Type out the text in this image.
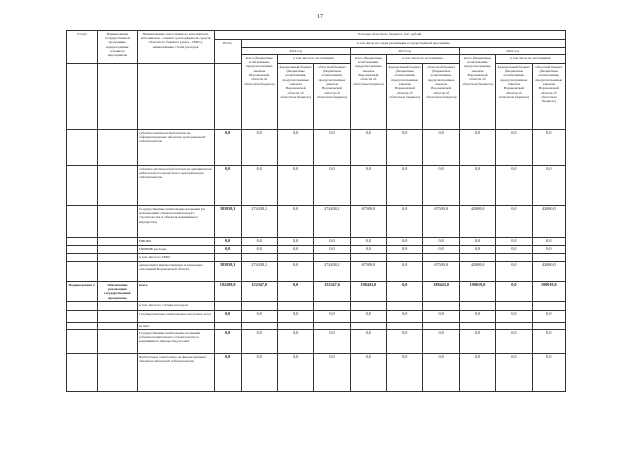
17
Статус	Наименование государственной программы, подпрограммы, основного мероприятия	Наименование ответственного исполнителя, исполнителя - главного распорядителя средств областного бюджета (далее - ГРБС), наименование статей расходов	Расходы областного бюджета, тыс. рублей									
			Всего	в том числе по годам реализации государственной программы								
				2014 год			2015 год			2016 год		
				всего (бюджетные ассигнования, предусмотренные законом Воронежской области об областном бюджете)	в том числе по источникам:		всего (бюджетные ассигнования, предусмотренные законом Воронежской области об областном бюджете)	в том числе по источникам:		всего (бюджетные ассигнования, предусмотренные законом Воронежской области об областном бюджете)	в том числе по источникам:	
					федеральный бюджет (бюджетные ассигнования, предусмотренные законом Воронежской области об областном бюджете)	областной бюджет (бюджетные ассигнования, предусмотренные законом Воронежской области об областном бюджете)		федеральный бюджет (бюджетные ассигнования, предусмотренные законом Воронежской области об областном бюджете)	областной бюджет (бюджетные ассигнования, предусмотренные законом Воронежской области об областном бюджете)		федеральный бюджет (бюджетные ассигнования, предусмотренные законом Воронежской области об областном бюджете)	областной бюджет (бюджетные ассигнования, предусмотренные законом Воронежской области об областном бюджете)
		субсидии казенным бюджетам на софинансирование объектов муниципальной собственности	0,0	0,0	0,0	0,0	0,0	0,0	0,0	0,0	0,0	0,0
		субсидии местным бюджетам на приобретение недвижимого имущества в муниципальную собственность	0,0	0,0	0,0	0,0	0,0	0,0	0,0	0,0	0,0	0,0
		Государственные капитальные вложения (за исключением объектов капитального строительства и объектов недвижимого имущества)	383938,1	274438,1	0,0	274438,1	67500,0	0,0	67500,0	42000,0	0,0	42000,0
		НИОКР	0,0	0,0	0,0	0,0	0,0	0,0	0,0	0,0	0,0	0,0
		ПРОЧИЕ расходы	0,0	0,0	0,0	0,0	0,0	0,0	0,0	0,0	0,0	0,0
		в том числе по ГРБС:										
		департамент имущественных и земельных отношений Воронежской области	383938,1	274438,1	0,0	274438,1	67500,0	0,0	67500,0	42000,0	0,0	42000,0
Подпрограмма 2	Обеспечение реализации государственной программы	всего	192209,8	152347,0	0,0	152347,0	188443,0	0,0	188443,0	199019,0	0,0	199019,0
		в том числе по статьям расходов:										
		Государственные капитальные вложения, всего	0,0	0,0	0,0	0,0	0,0	0,0	0,0	0,0	0,0	0,0
		из них:										
		Государственные капитальные вложения (объекты капитального строительства и недвижимого имущества), из них:	0,0	0,0	0,0	0,0	0,0	0,0	0,0	0,0	0,0	0,0
		Бюджетные инвестиции на финансирование объектов областной собственности	0,0	0,0	0,0	0,0	0,0	0,0	0,0	0,0	0,0	0,0
